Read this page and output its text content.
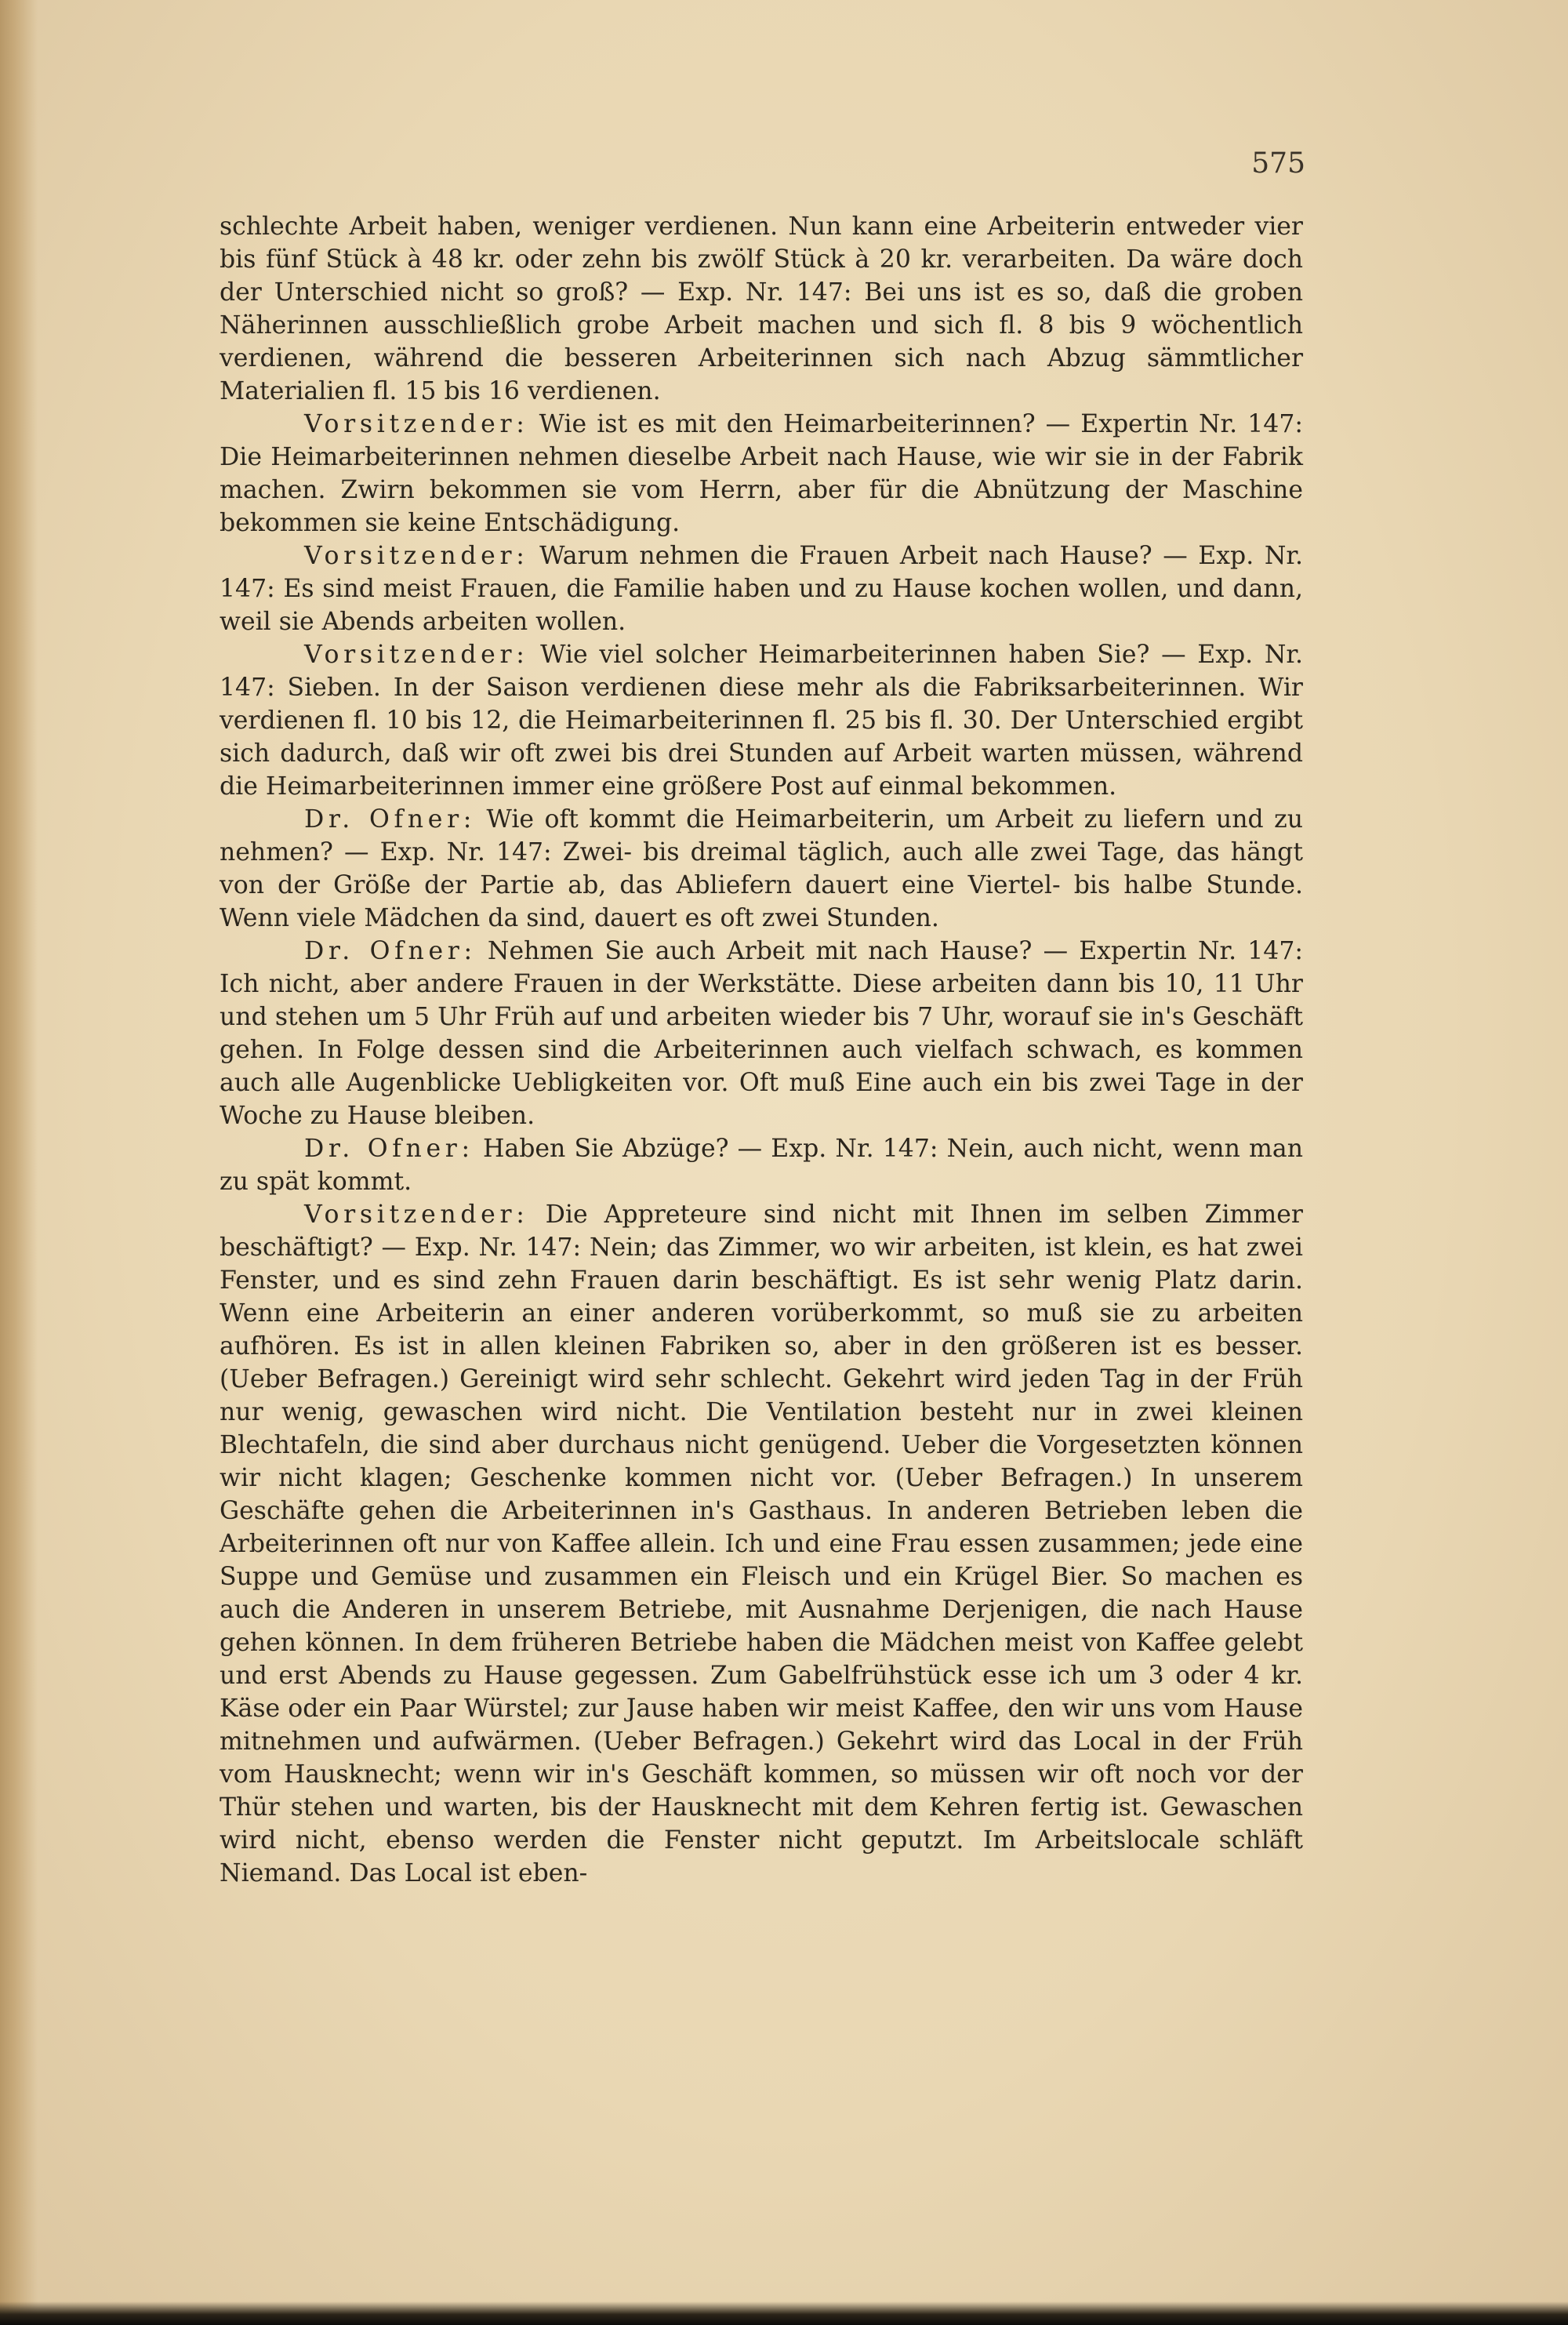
575

schlechte Arbeit haben, weniger verdienen. Nun kann eine Arbeiterin entweder vier bis fünf Stück à 48 kr. oder zehn bis zwölf Stück à 20 kr. verarbeiten. Da wäre doch der Unterschied nicht so groß? — Exp. Nr. 147: Bei uns ist es so, daß die groben Näherinnen ausschließlich grobe Arbeit machen und sich fl. 8 bis 9 wöchentlich verdienen, während die besseren Arbeiterinnen sich nach Abzug sämmtlicher Materialien fl. 15 bis 16 verdienen.

Vorsitzender: Wie ist es mit den Heimarbeiterinnen? — Expertin Nr. 147: Die Heimarbeiterinnen nehmen dieselbe Arbeit nach Hause, wie wir sie in der Fabrik machen. Zwirn bekommen sie vom Herrn, aber für die Abnützung der Maschine bekommen sie keine Entschädigung.

Vorsitzender: Warum nehmen die Frauen Arbeit nach Hause? — Exp. Nr. 147: Es sind meist Frauen, die Familie haben und zu Hause kochen wollen, und dann, weil sie Abends arbeiten wollen.

Vorsitzender: Wie viel solcher Heimarbeiterinnen haben Sie? — Exp. Nr. 147: Sieben. In der Saison verdienen diese mehr als die Fabriksarbeiterinnen. Wir verdienen fl. 10 bis 12, die Heimarbeiterinnen fl. 25 bis fl. 30. Der Unterschied ergibt sich dadurch, daß wir oft zwei bis drei Stunden auf Arbeit warten müssen, während die Heimarbeiterinnen immer eine größere Post auf einmal bekommen.

Dr. Ofner: Wie oft kommt die Heimarbeiterin, um Arbeit zu liefern und zu nehmen? — Exp. Nr. 147: Zwei- bis dreimal täglich, auch alle zwei Tage, das hängt von der Größe der Partie ab, das Abliefern dauert eine Viertel- bis halbe Stunde. Wenn viele Mädchen da sind, dauert es oft zwei Stunden.

Dr. Ofner: Nehmen Sie auch Arbeit mit nach Hause? — Expertin Nr. 147: Ich nicht, aber andere Frauen in der Werkstätte. Diese arbeiten dann bis 10, 11 Uhr und stehen um 5 Uhr Früh auf und arbeiten wieder bis 7 Uhr, worauf sie in's Geschäft gehen. In Folge dessen sind die Arbeiterinnen auch vielfach schwach, es kommen auch alle Augenblicke Uebligkeiten vor. Oft muß Eine auch ein bis zwei Tage in der Woche zu Hause bleiben.

Dr. Ofner: Haben Sie Abzüge? — Exp. Nr. 147: Nein, auch nicht, wenn man zu spät kommt.

Vorsitzender: Die Appreteure sind nicht mit Ihnen im selben Zimmer beschäftigt? — Exp. Nr. 147: Nein; das Zimmer, wo wir arbeiten, ist klein, es hat zwei Fenster, und es sind zehn Frauen darin beschäftigt. Es ist sehr wenig Platz darin. Wenn eine Arbeiterin an einer anderen vorüberkommt, so muß sie zu arbeiten aufhören. Es ist in allen kleinen Fabriken so, aber in den größeren ist es besser. (Ueber Befragen.) Gereinigt wird sehr schlecht. Gekehrt wird jeden Tag in der Früh nur wenig, gewaschen wird nicht. Die Ventilation besteht nur in zwei kleinen Blechtafeln, die sind aber durchaus nicht genügend. Ueber die Vorgesetzten können wir nicht klagen; Geschenke kommen nicht vor. (Ueber Befragen.) In unserem Geschäfte gehen die Arbeiterinnen in's Gasthaus. In anderen Betrieben leben die Arbeiterinnen oft nur von Kaffee allein. Ich und eine Frau essen zusammen; jede eine Suppe und Gemüse und zusammen ein Fleisch und ein Krügel Bier. So machen es auch die Anderen in unserem Betriebe, mit Ausnahme Derjenigen, die nach Hause gehen können. In dem früheren Betriebe haben die Mädchen meist von Kaffee gelebt und erst Abends zu Hause gegessen. Zum Gabelfrühstück esse ich um 3 oder 4 kr. Käse oder ein Paar Würstel; zur Jause haben wir meist Kaffee, den wir uns vom Hause mitnehmen und aufwärmen. (Ueber Befragen.) Gekehrt wird das Local in der Früh vom Hausknecht; wenn wir in's Geschäft kommen, so müssen wir oft noch vor der Thür stehen und warten, bis der Hausknecht mit dem Kehren fertig ist. Gewaschen wird nicht, ebenso werden die Fenster nicht geputzt. Im Arbeitslocale schläft Niemand. Das Local ist eben-
